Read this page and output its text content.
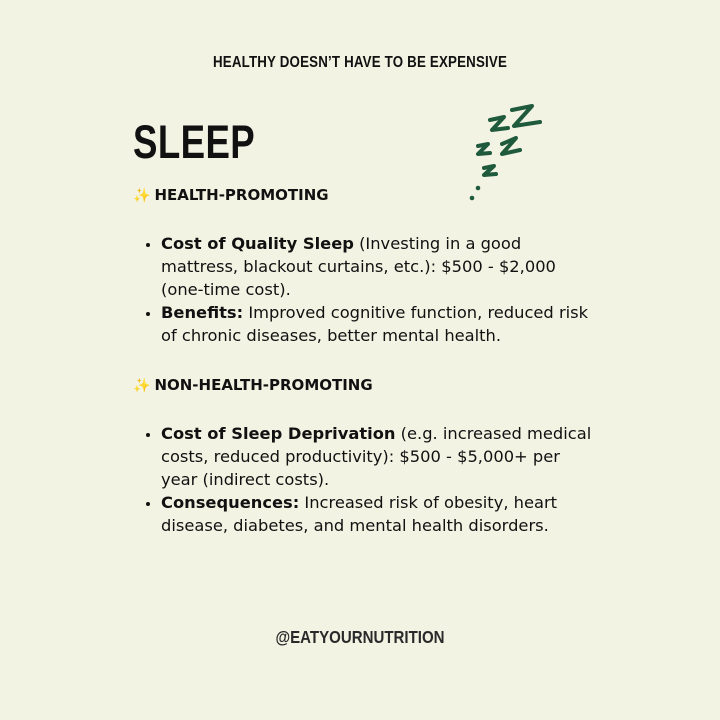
HEALTHY DOESN’T HAVE TO BE EXPENSIVE
SLEEP
✨ HEALTH-PROMOTING
• Cost of Quality Sleep (Investing in a good mattress, blackout curtains, etc.): $500 - $2,000 (one-time cost).
• Benefits: Improved cognitive function, reduced risk of chronic diseases, better mental health.
✨ NON-HEALTH-PROMOTING
• Cost of Sleep Deprivation (e.g. increased medical costs, reduced productivity): $500 - $5,000+ per year (indirect costs).
• Consequences: Increased risk of obesity, heart disease, diabetes, and mental health disorders.
@EATYOURNUTRITION
